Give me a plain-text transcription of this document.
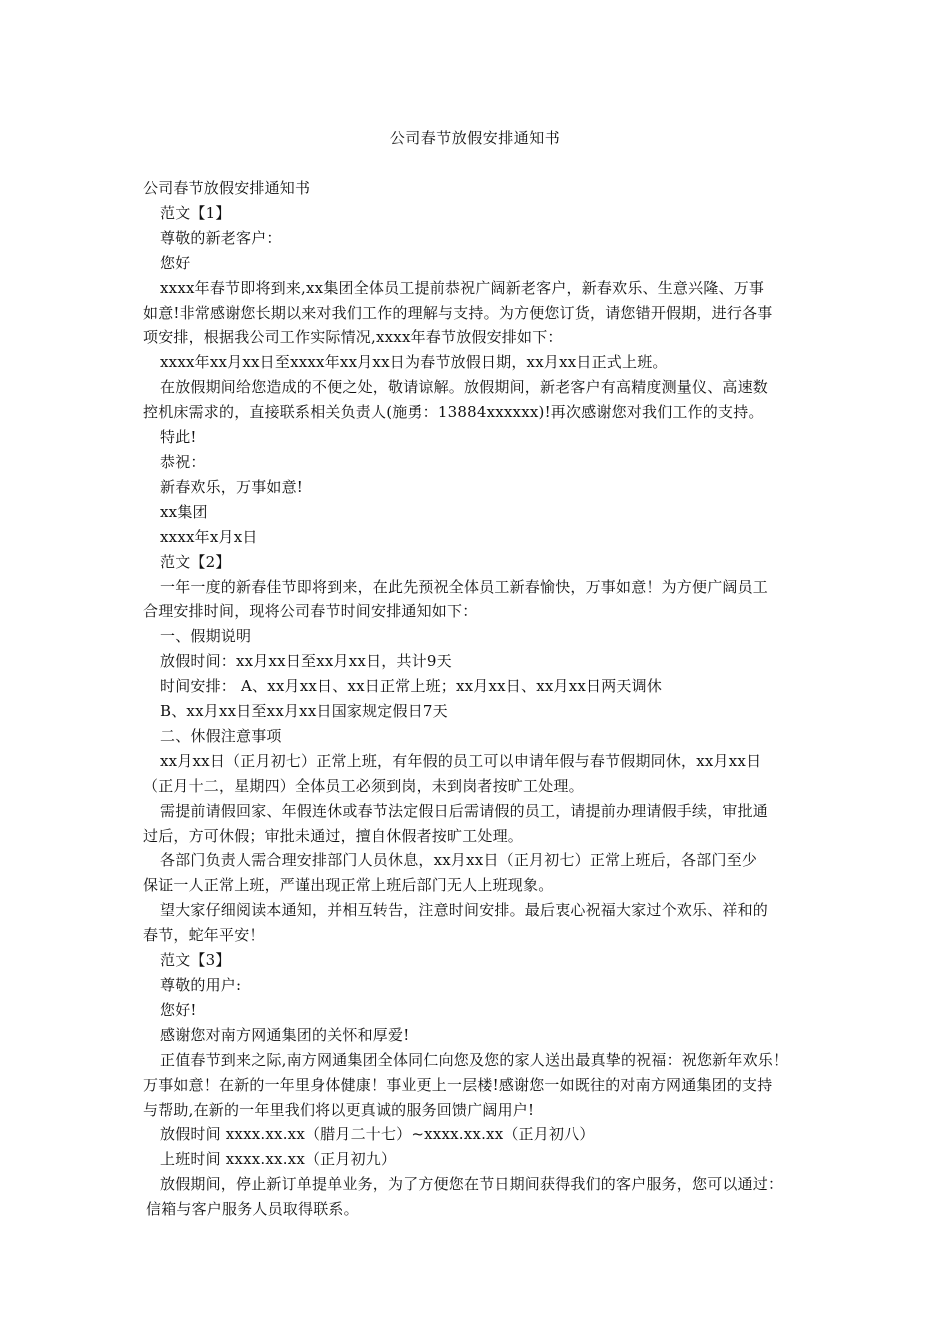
公司春节放假安排通知书

公司春节放假安排通知书

范文【1】

尊敬的新老客户：

您好

xxxx年春节即将到来,xx集团全体员工提前恭祝广阔新老客户，新春欢乐、生意兴隆、万事

如意!非常感谢您长期以来对我们工作的理解与支持。为方便您订货，请您错开假期，进行各事

项安排，根据我公司工作实际情况,xxxx年春节放假安排如下：

xxxx年xx月xx日至xxxx年xx月xx日为春节放假日期，xx月xx日正式上班。

在放假期间给您造成的不便之处，敬请谅解。放假期间，新老客户有高精度测量仪、高速数

控机床需求的，直接联系相关负责人(施勇：13884xxxxxx)!再次感谢您对我们工作的支持。

特此!

恭祝：

新春欢乐，万事如意!

xx集团

xxxx年x月x日

范文【2】

一年一度的新春佳节即将到来，在此先预祝全体员工新春愉快，万事如意！为方便广阔员工

合理安排时间，现将公司春节时间安排通知如下：

一、假期说明

放假时间：xx月xx日至xx月xx日，共计9天

时间安排： A、xx月xx日、xx日正常上班；xx月xx日、xx月xx日两天调休

B、xx月xx日至xx月xx日国家规定假日7天

二、休假注意事项

xx月xx日（正月初七）正常上班，有年假的员工可以申请年假与春节假期同休，xx月xx日

（正月十二，星期四）全体员工必须到岗，未到岗者按旷工处理。

需提前请假回家、年假连休或春节法定假日后需请假的员工，请提前办理请假手续，审批通

过后，方可休假；审批未通过，擅自休假者按旷工处理。

各部门负责人需合理安排部门人员休息，xx月xx日（正月初七）正常上班后，各部门至少

保证一人正常上班，严谨出现正常上班后部门无人上班现象。

望大家仔细阅读本通知，并相互转告，注意时间安排。最后衷心祝福大家过个欢乐、祥和的

春节，蛇年平安！

范文【3】

尊敬的用户:

您好!

感谢您对南方网通集团的关怀和厚爱!

正值春节到来之际,南方网通集团全体同仁向您及您的家人送出最真挚的祝福：祝您新年欢乐！

万事如意！在新的一年里身体健康！事业更上一层楼!感谢您一如既往的对南方网通集团的支持

与帮助,在新的一年里我们将以更真诚的服务回馈广阔用户!

放假时间 xxxx.xx.xx（腊月二十七）~xxxx.xx.xx（正月初八）

上班时间 xxxx.xx.xx（正月初九）

放假期间，停止新订单提单业务，为了方便您在节日期间获得我们的客户服务，您可以通过：

信箱与客户服务人员取得联系。
